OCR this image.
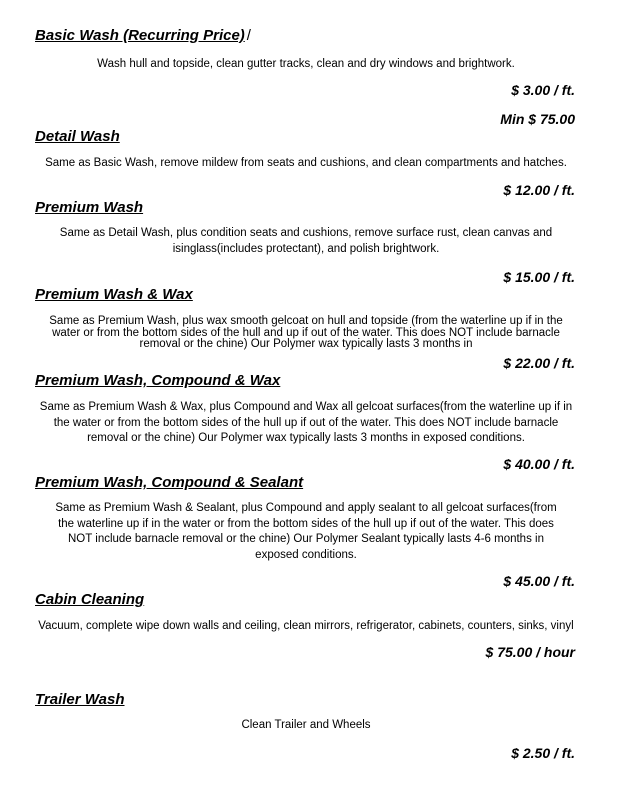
Basic Wash (Recurring Price) /
Wash hull and topside, clean gutter tracks, clean and dry windows and brightwork.
$ 3.00 / ft.
Min $ 75.00
Detail Wash
Same as Basic Wash, remove mildew from seats and cushions, and clean compartments and hatches.
$ 12.00 / ft.
Premium Wash
Same as Detail Wash, plus condition seats and cushions, remove surface rust, clean canvas and isinglass(includes protectant), and polish brightwork.
$ 15.00 / ft.
Premium Wash & Wax
Same as Premium Wash, plus wax smooth gelcoat on hull and topside (from the waterline up if in the water or from the bottom sides of the hull and up if out of the water. This does NOT include barnacle removal or the chine) Our Polymer wax typically lasts 3 months in
$ 22.00 / ft.
Premium Wash, Compound & Wax
Same as Premium Wash & Wax, plus Compound and Wax all gelcoat surfaces(from the waterline up if in the water or from the bottom sides of the hull up if out of the water. This does NOT include barnacle removal or the chine) Our Polymer wax typically lasts 3 months in exposed conditions.
$ 40.00 / ft.
Premium Wash, Compound & Sealant
Same as Premium Wash & Sealant, plus Compound and apply sealant to all gelcoat surfaces(from the waterline up if in the water or from the bottom sides of the hull up if out of the water. This does NOT include barnacle removal or the chine) Our Polymer Sealant typically lasts 4-6 months in exposed conditions.
$ 45.00 / ft.
Cabin Cleaning
Vacuum, complete wipe down walls and ceiling, clean mirrors, refrigerator, cabinets, counters, sinks, vinyl
$ 75.00 / hour
Trailer Wash
Clean Trailer and Wheels
$ 2.50 / ft.
